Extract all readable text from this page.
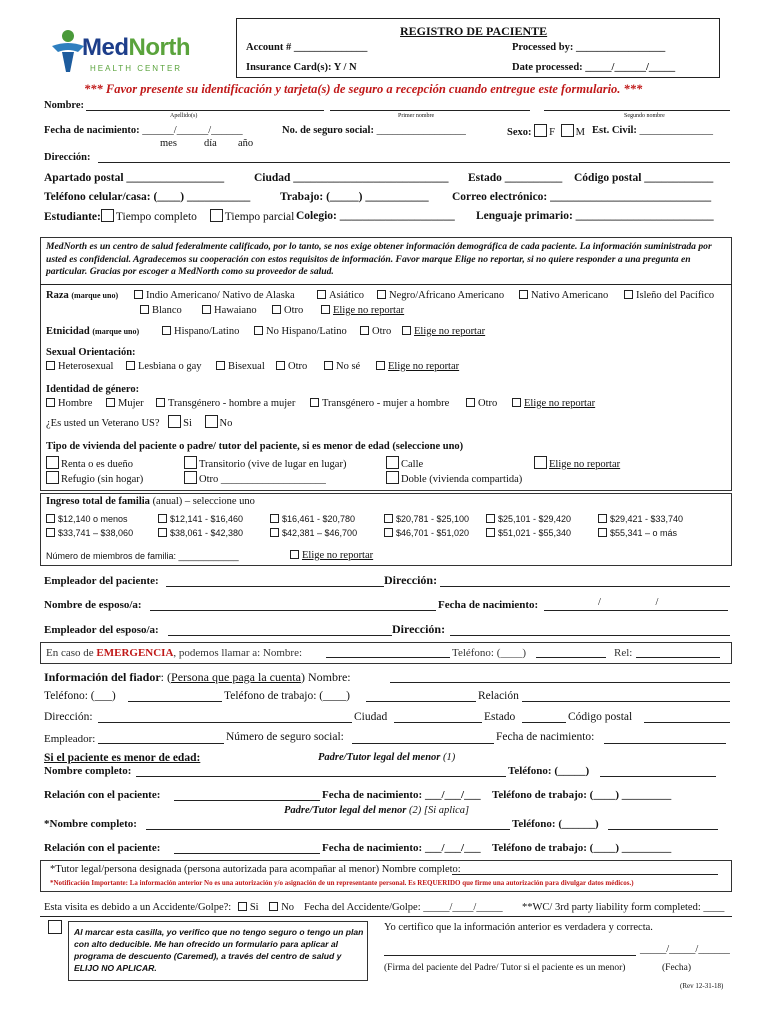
MedNorth
HEALTH CENTER
REGISTRO DE PACIENTE
Account # ______________	Processed by: _________________
Insurance Card(s): Y / N	Date processed: _____/______/_____
*** Favor presente su identificación y tarjeta(s) de seguro a recepción cuando entregue este formulario. ***
Nombre:
Apellido(s)	Primer nombre	Segundo nombre
Fecha de nacimiento: ______/______/______
mes	día año
No. de seguro social: _________________	Sexo: F M Est. Civil: ______________
Dirección:
Apartado postal _________________	Ciudad ___________________________ Estado __________ Código postal ____________
Teléfono celular/casa: (____) ___________	Trabajo: (_____) ___________ Correo electrónico: ____________________________
Estudiante: Tiempo completo Tiempo parcial Colegio: ____________________ Lenguaje primario: ________________________
MedNorth es un centro de salud federalmente calificado, por lo tanto, se nos exige obtener información demográfica de cada paciente. La información suministrada por usted es confidencial. Agradecemos su cooperación con estos requisitos de información. Favor marque Elige no reportar, si no quiere responder a una pregunta en particular. Gracias por escoger a MedNorth como su proveedor de salud.
Raza (marque uno)	Indio Americano/ Nativo de Alaska	Asiático	Negro/Africano Americano	Nativo Americano	Isleño del Pacífico
Blanco	Hawaiano	Otro	Elige no reportar
Etnicidad (marque uno)	Hispano/Latino	No Hispano/Latino	Otro	Elige no reportar
Sexual Orientación:
Heterosexual	Lesbiana o gay	Bisexual	Otro	No sé	Elige no reportar
Identidad de género:
Hombre	Mujer	Transgénero - hombre a mujer	Transgénero - mujer a hombre	Otro	Elige no reportar
¿Es usted un Veterano US? Si	No
Tipo de vivienda del paciente o padre/ tutor del paciente, si es menor de edad (seleccione uno)
Renta o es dueño	Transitorio (vive de lugar en lugar)	Calle	Elige no reportar
Refugio (sin hogar)	Otro ____________________	Doble (vivienda compartida)
Ingreso total de familia (anual) – seleccione uno
$12,140 o menos	$12,141 - $16,460	$16,461 - $20,780	$20,781 - $25,100	$25,101 - $29,420	$29,421 - $33,740
$33,741 – $38,060	$38,061 - $42,380	$42,381 – $46,700	$46,701 - $51,020	$51,021 - $55,340	$55,341 – o más
Número de miembros de familia: ____________	Elige no reportar
Empleador del paciente:	Dirección:
Nombre de esposo/a:	Fecha de nacimiento:	/ /
Empleador del esposo/a:	Dirección:
En caso de EMERGENCIA, podemos llamar a: Nombre:	Teléfono: (____)	Rel:
Información del fiador: (Persona que paga la cuenta) Nombre:
Teléfono: (___)	Teléfono de trabajo: (____)	Relación
Dirección:	Ciudad	Estado	Código postal
Empleador:	Número de seguro social:	Fecha de nacimiento:
Si el paciente es menor de edad:	Padre/Tutor legal del menor (1)
Nombre completo:	Teléfono: (_____)
Relación con el paciente:	Fecha de nacimiento: ___/___/___ Teléfono de trabajo: (____) _________
Padre/Tutor legal del menor (2) [Si aplica]
*Nombre completo:	Teléfono: (______)
Relación con el paciente:	Fecha de nacimiento: ___/___/___ Teléfono de trabajo: (____) _________
*Tutor legal/persona designada (persona autorizada para acompañar al menor) Nombre completo:
*Notificación Importante: La información anterior No es una autorización y/o asignación de un representante personal. Es REQUERIDO que firme una autorización para divulgar datos médicos.)
Esta visita es debido a un Accidente/Golpe?: Si No Fecha del Accidente/Golpe: _____/____/_____ **WC/ 3rd party liability form completed: ____
Al marcar esta casilla, yo verifico que no tengo seguro o tengo un plan con alto deducible. Me han ofrecido un formulario para aplicar al programa de descuento (Caremed), a través del centro de salud y ELIJO NO APLICAR.
Yo certifico que la información anterior es verdadera y correcta.
_____/_____/______
(Firma del paciente del Padre/ Tutor si el paciente es un menor)	(Fecha)
(Rev 12-31-18)
